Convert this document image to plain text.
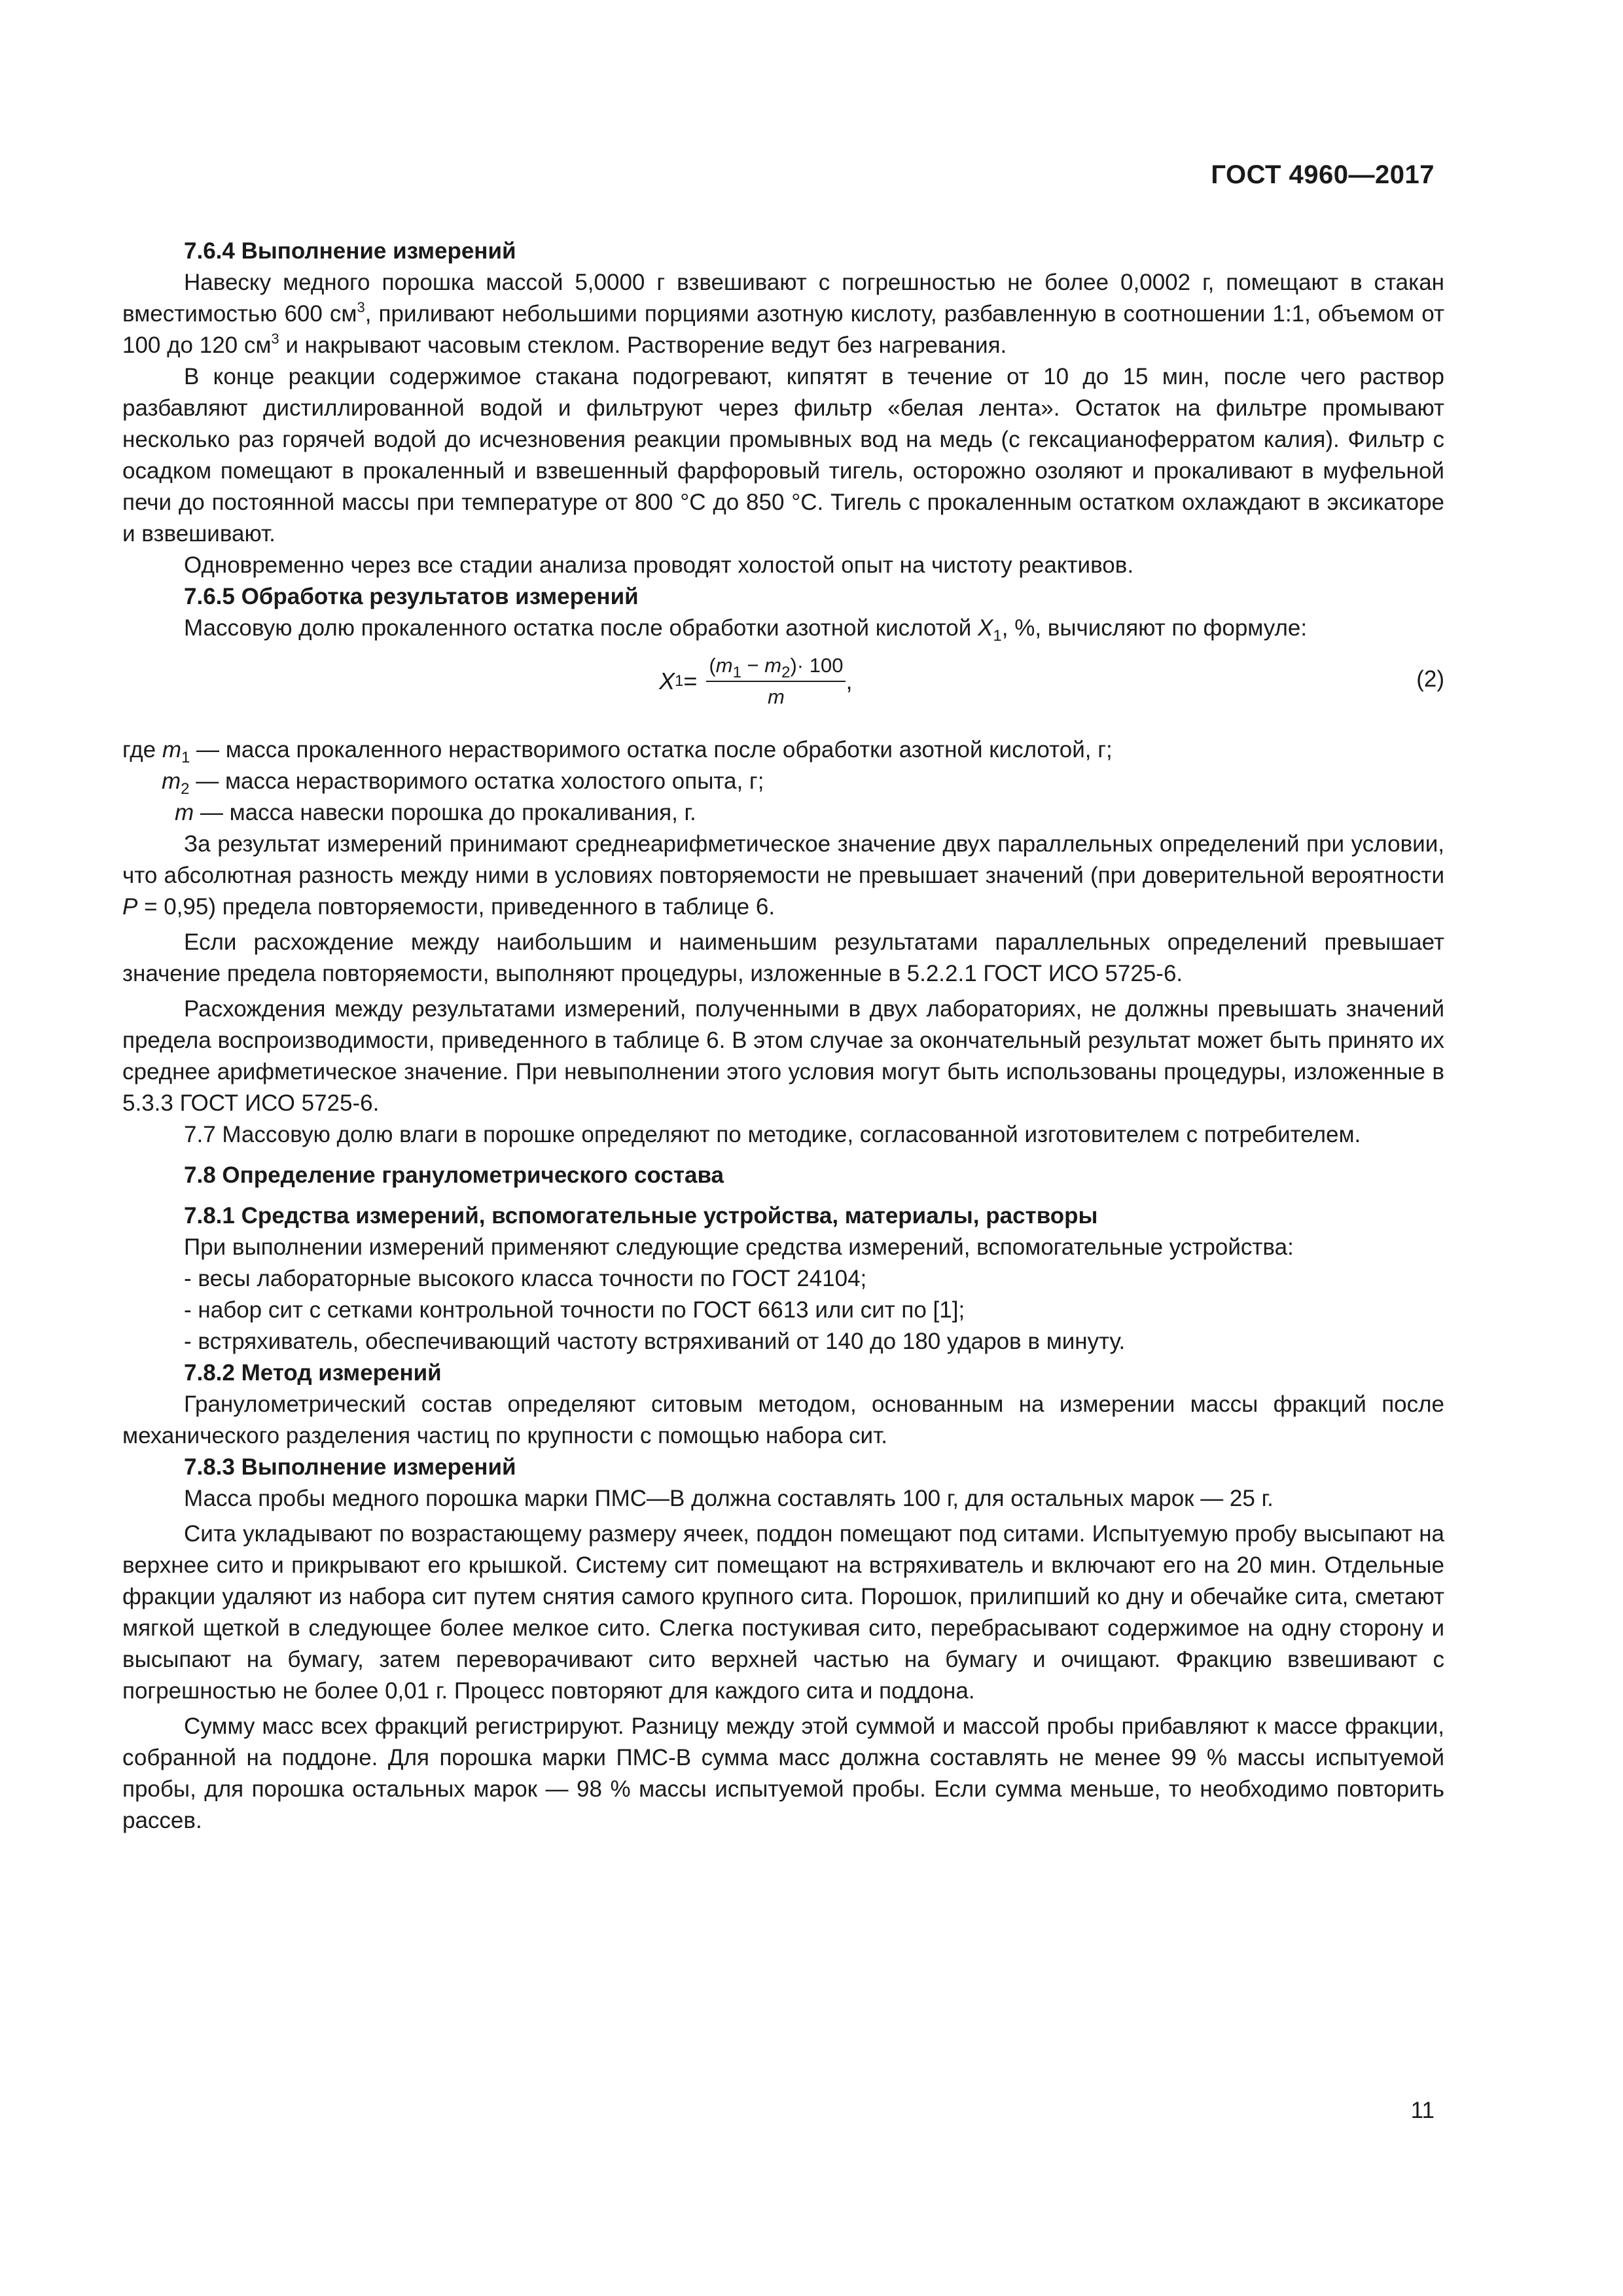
ГОСТ 4960—2017
7.6.4 Выполнение измерений

Навеску медного порошка массой 5,0000 г взвешивают с погрешностью не более 0,0002 г, помещают в стакан вместимостью 600 $см^3$, приливают небольшими порциями азотную кислоту, разбавленную в соотношении 1:1, объемом от 100 до 120 $см^3$ и накрывают часовым стеклом. Растворение ведут без нагревания.

В конце реакции содержимое стакана подогревают, кипятят в течение от 10 до 15 мин, после чего раствор разбавляют дистиллированной водой и фильтруют через фильтр «белая лента». Остаток на фильтре промывают несколько раз горячей водой до исчезновения реакции промывных вод на медь (с гексацианоферратом калия). Фильтр с осадком помещают в прокаленный и взвешенный фарфоровый тигель, осторожно озоляют и прокаливают в муфельной печи до постоянной массы при температуре от 800 °С до 850 °С. Тигель с прокаленным остатком охлаждают в эксикаторе и взвешивают.

Одновременно через все стадии анализа проводят холостой опыт на чистоту реактивов.

7.6.5 Обработка результатов измерений

Массовую долю прокаленного остатка после обработки азотной кислотой $X_1$, %, вычисляют по формуле:

X $1 = \frac{(m_1 - m_2)\cdot 100}{m}$ ,	(2)

где $m_1$ — масса прокаленного нерастворимого остатка после обработки азотной кислотой, г;

$m_2$ — масса нерастворимого остатка холостого опыта, г;

m — масса навески порошка до прокаливания, г.

За результат измерений принимают среднеарифметическое значение двух параллельных определений при условии, что абсолютная разность между ними в условиях повторяемости не превышает значений (при доверительной вероятности P = 0,95) предела повторяемости, приведенного в таблице 6.

Если расхождение между наибольшим и наименьшим результатами параллельных определений превышает значение предела повторяемости, выполняют процедуры, изложенные в 5.2.2.1 ГОСТ ИСО 5725-6.

Расхождения между результатами измерений, полученными в двух лабораториях, не должны превышать значений предела воспроизводимости, приведенного в таблице 6. В этом случае за окончательный результат может быть принято их среднее арифметическое значение. При невыполнении этого условия могут быть использованы процедуры, изложенные в 5.3.3 ГОСТ ИСО 5725-6.

7.7 Массовую долю влаги в порошке определяют по методике, согласованной изготовителем с потребителем.

7.8 Определение гранулометрического состава
7.8.1 Средства измерений, вспомогательные устройства, материалы, растворы

При выполнении измерений применяют следующие средства измерений, вспомогательные устройства:

- весы лабораторные высокого класса точности по ГОСТ 24104;

- набор сит с сетками контрольной точности по ГОСТ 6613 или сит по [1];

- встряхиватель, обеспечивающий частоту встряхиваний от 140 до 180 ударов в минуту.

7.8.2 Метод измерений

Гранулометрический состав определяют ситовым методом, основанным на измерении массы фракций после механического разделения частиц по крупности с помощью набора сит.

7.8.3 Выполнение измерений

Масса пробы медного порошка марки ПМС—В должна составлять 100 г, для остальных марок — 25 г.

Сита укладывают по возрастающему размеру ячеек, поддон помещают под ситами. Испытуемую пробу высыпают на верхнее сито и прикрывают его крышкой. Систему сит помещают на встряхиватель и включают его на 20 мин. Отдельные фракции удаляют из набора сит путем снятия самого крупного сита. Порошок, прилипший ко дну и обечайке сита, сметают мягкой щеткой в следующее более мелкое сито. Слегка постукивая сито, перебрасывают содержимое на одну сторону и высыпают на бумагу, затем переворачивают сито верхней частью на бумагу и очищают. Фракцию взвешивают с погрешностью не более 0,01 г. Процесс повторяют для каждого сита и поддона.

Сумму масс всех фракций регистрируют. Разницу между этой суммой и массой пробы прибавляют к массе фракции, собранной на поддоне. Для порошка марки ПМС-В сумма масс должна составлять не менее 99 % массы испытуемой пробы, для порошка остальных марок — 98 % массы испытуемой пробы. Если сумма меньше, то необходимо повторить рассев.

11
